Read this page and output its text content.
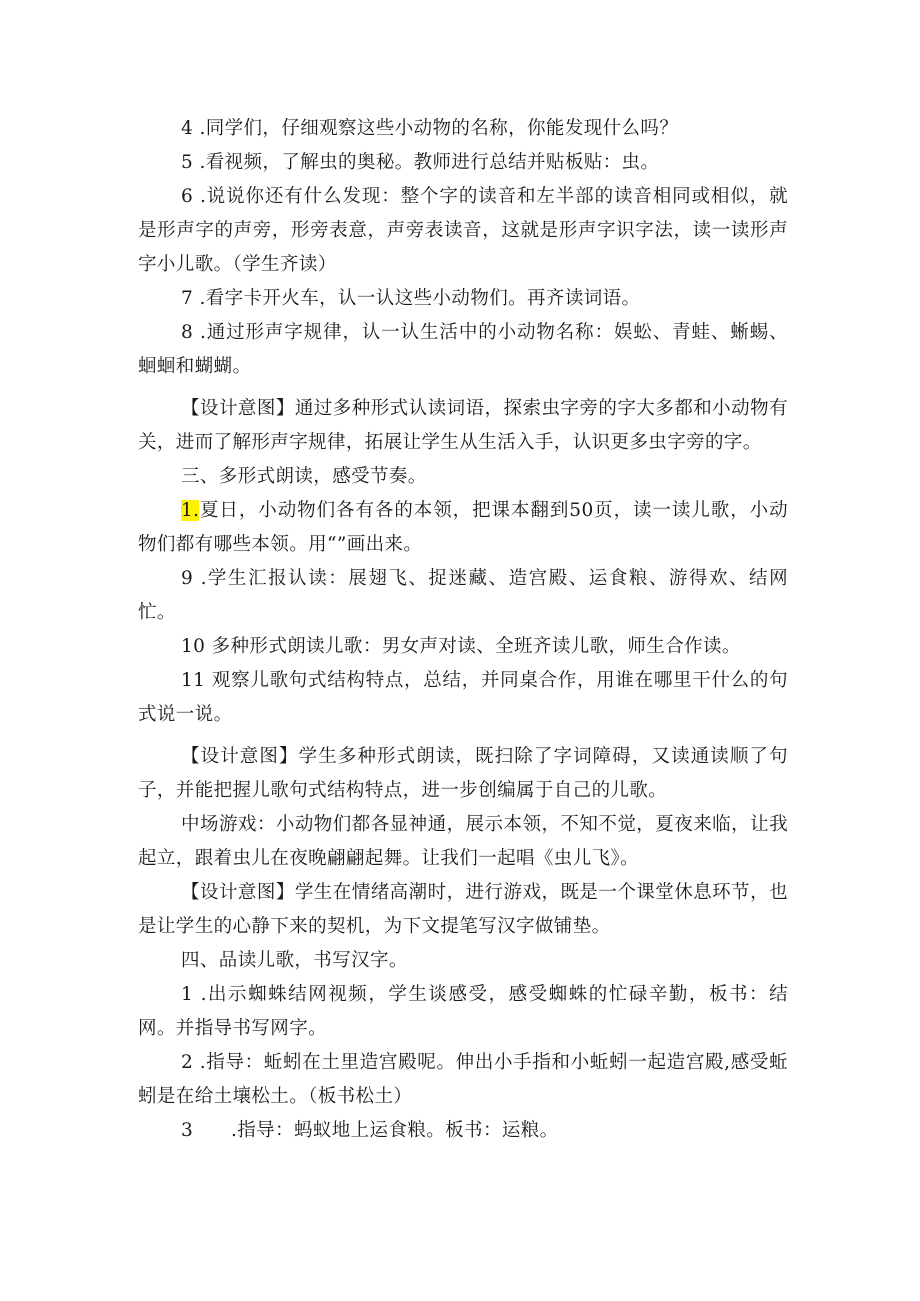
4 .同学们，仔细观察这些小动物的名称，你能发现什么吗？

5 .看视频，了解虫的奥秘。教师进行总结并贴板贴：虫。

6 .说说你还有什么发现：整个字的读音和左半部的读音相同或相似，就是形声字的声旁，形旁表意，声旁表读音，这就是形声字识字法，读一读形声字小儿歌。（学生齐读）

7 .看字卡开火车，认一认这些小动物们。再齐读词语。

8 .通过形声字规律，认一认生活中的小动物名称：娱蚣、青蛙、蜥蜴、蛔蛔和蝴蝴。

【设计意图】通过多种形式认读词语，探索虫字旁的字大多都和小动物有关，进而了解形声字规律，拓展让学生从生活入手，认识更多虫字旁的字。

三、多形式朗读，感受节奏。

1.夏日，小动物们各有各的本领，把课本翻到50页，读一读儿歌，小动物们都有哪些本领。用“”画出来。

9 .学生汇报认读：展翅飞、捉迷藏、造宫殿、运食粮、游得欢、结网忙。

10 多种形式朗读儿歌：男女声对读、全班齐读儿歌，师生合作读。

11 观察儿歌句式结构特点，总结，并同桌合作，用谁在哪里干什么的句式说一说。

【设计意图】学生多种形式朗读，既扫除了字词障碍，又读通读顺了句子，并能把握儿歌句式结构特点，进一步创编属于自己的儿歌。

中场游戏：小动物们都各显神通，展示本领，不知不觉，夏夜来临，让我起立，跟着虫儿在夜晚翩翩起舞。让我们一起唱《虫儿飞》。

【设计意图】学生在情绪高潮时，进行游戏，既是一个课堂休息环节，也是让学生的心静下来的契机，为下文提笔写汉字做铺垫。

四、品读儿歌，书写汉字。

1 .出示蜘蛛结网视频，学生谈感受，感受蜘蛛的忙碌辛勤，板书：结网。并指导书写网字。

2 .指导：蚯蚓在土里造宫殿呢。伸出小手指和小蚯蚓一起造宫殿,感受蚯蚓是在给土壤松土。（板书松土）

3　　.指导：蚂蚁地上运食粮。板书：运粮。
